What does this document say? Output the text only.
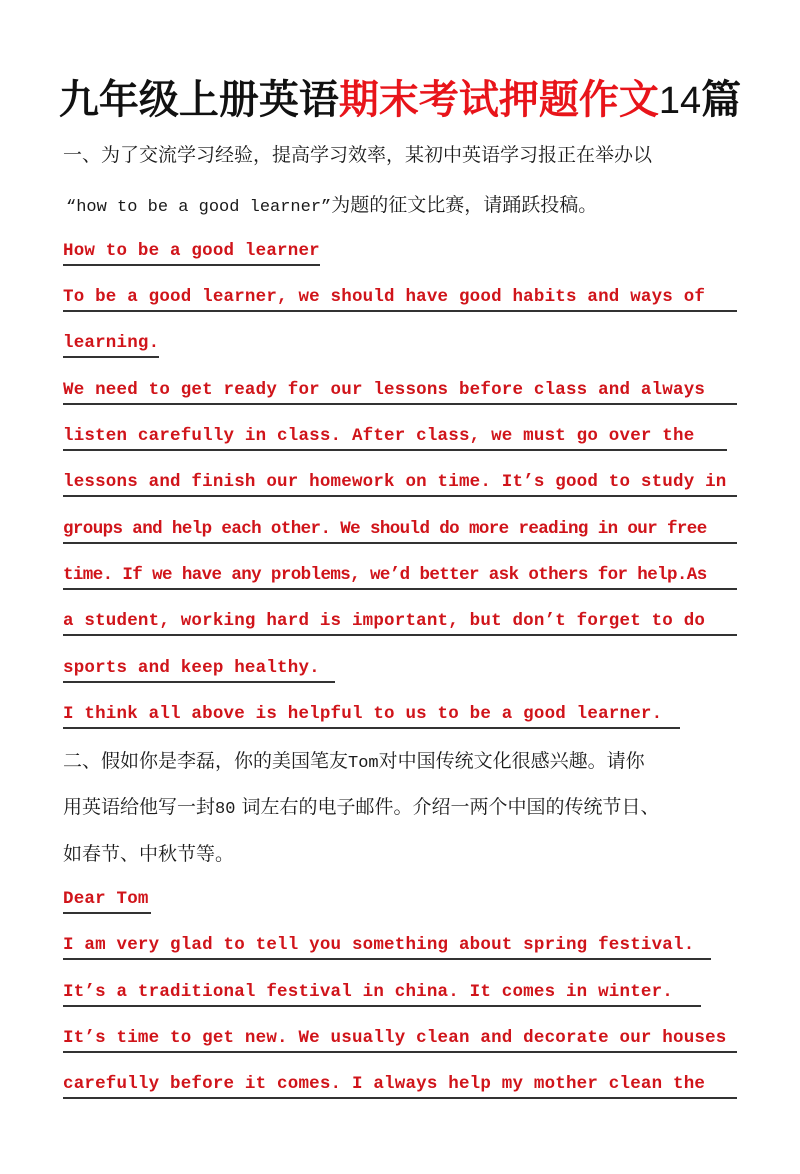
九年级上册英语期末考试押题作文14篇
一、为了交流学习经验，提高学习效率，某初中英语学习报正在举办以
“how to be a good learner”为题的征文比赛，请踊跃投稿。
How to be a good learner
To be a good learner, we should have good habits and ways of
learning.
We need to get ready for our lessons before class and always
listen carefully in class. After class, we must go over the
lessons and finish our homework on time. It’s good to study in
groups and help each other. We should do more reading in our free
time. If we have any problems, we’d better ask others for help.As
a student, working hard is important, but don’t forget to do
sports and keep healthy.
I think all above is helpful to us to be a good learner.
二、假如你是李磊，你的美国笔友Tom对中国传统文化很感兴趣。请你
用英语给他写一封80 词左右的电子邮件。介绍一两个中国的传统节日、
如春节、中秋节等。
Dear Tom
I am very glad to tell you something about spring festival.
It’s a traditional festival in china. It comes in winter.
It’s time to get new. We usually clean and decorate our houses
carefully before it comes. I always help my mother clean the
